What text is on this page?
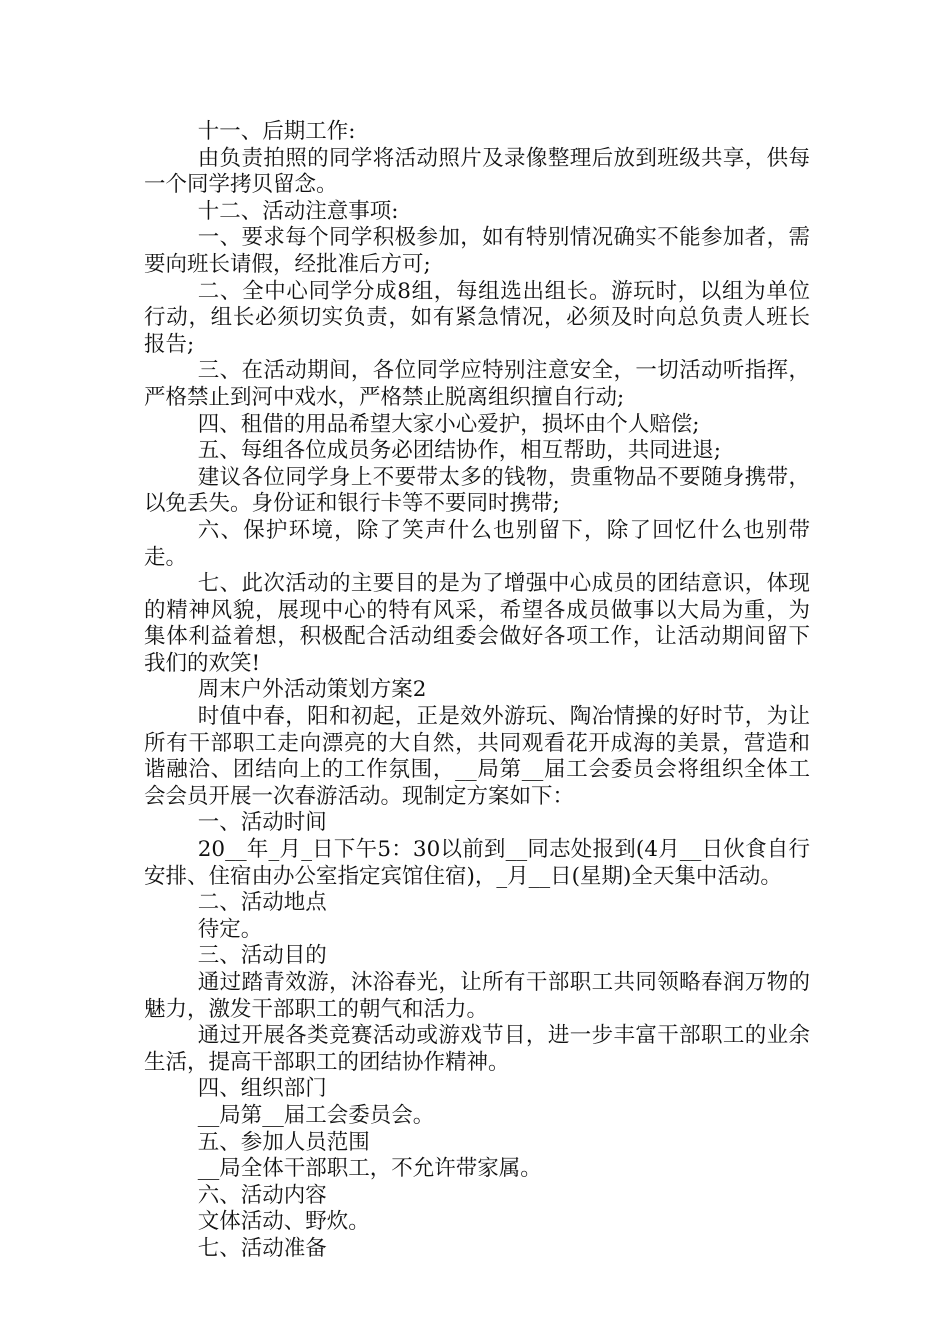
十一、后期工作:

由负责拍照的同学将活动照片及录像整理后放到班级共享，供每一个同学拷贝留念。

十二、活动注意事项:

一、要求每个同学积极参加，如有特别情况确实不能参加者，需要向班长请假，经批准后方可;

二、全中心同学分成8组，每组选出组长。游玩时，以组为单位行动，组长必须切实负责，如有紧急情况，必须及时向总负责人班长报告;

三、在活动期间，各位同学应特别注意安全，一切活动听指挥，严格禁止到河中戏水，严格禁止脱离组织擅自行动;

四、租借的用品希望大家小心爱护，损坏由个人赔偿;

五、每组各位成员务必团结协作，相互帮助，共同进退;

建议各位同学身上不要带太多的钱物，贵重物品不要随身携带，以免丢失。身份证和银行卡等不要同时携带;

六、保护环境，除了笑声什么也别留下，除了回忆什么也别带走。

七、此次活动的主要目的是为了增强中心成员的团结意识，体现的精神风貌，展现中心的特有风采，希望各成员做事以大局为重，为集体利益着想，积极配合活动组委会做好各项工作，让活动期间留下我们的欢笑!

周末户外活动策划方案2

时值中春，阳和初起，正是效外游玩、陶冶情操的好时节，为让所有干部职工走向漂亮的大自然，共同观看花开成海的美景，营造和谐融洽、团结向上的工作氛围，__局第__届工会委员会将组织全体工会会员开展一次春游活动。现制定方案如下：

一、活动时间

20__年_月_日下午5：30以前到__同志处报到(4月__日伙食自行安排、住宿由办公室指定宾馆住宿)，_月__日(星期)全天集中活动。

二、活动地点

待定。

三、活动目的

通过踏青效游，沐浴春光，让所有干部职工共同领略春润万物的魅力，激发干部职工的朝气和活力。

通过开展各类竞赛活动或游戏节目，进一步丰富干部职工的业余生活，提高干部职工的团结协作精神。

四、组织部门

__局第__届工会委员会。

五、参加人员范围

__局全体干部职工，不允许带家属。

六、活动内容

文体活动、野炊。

七、活动准备
